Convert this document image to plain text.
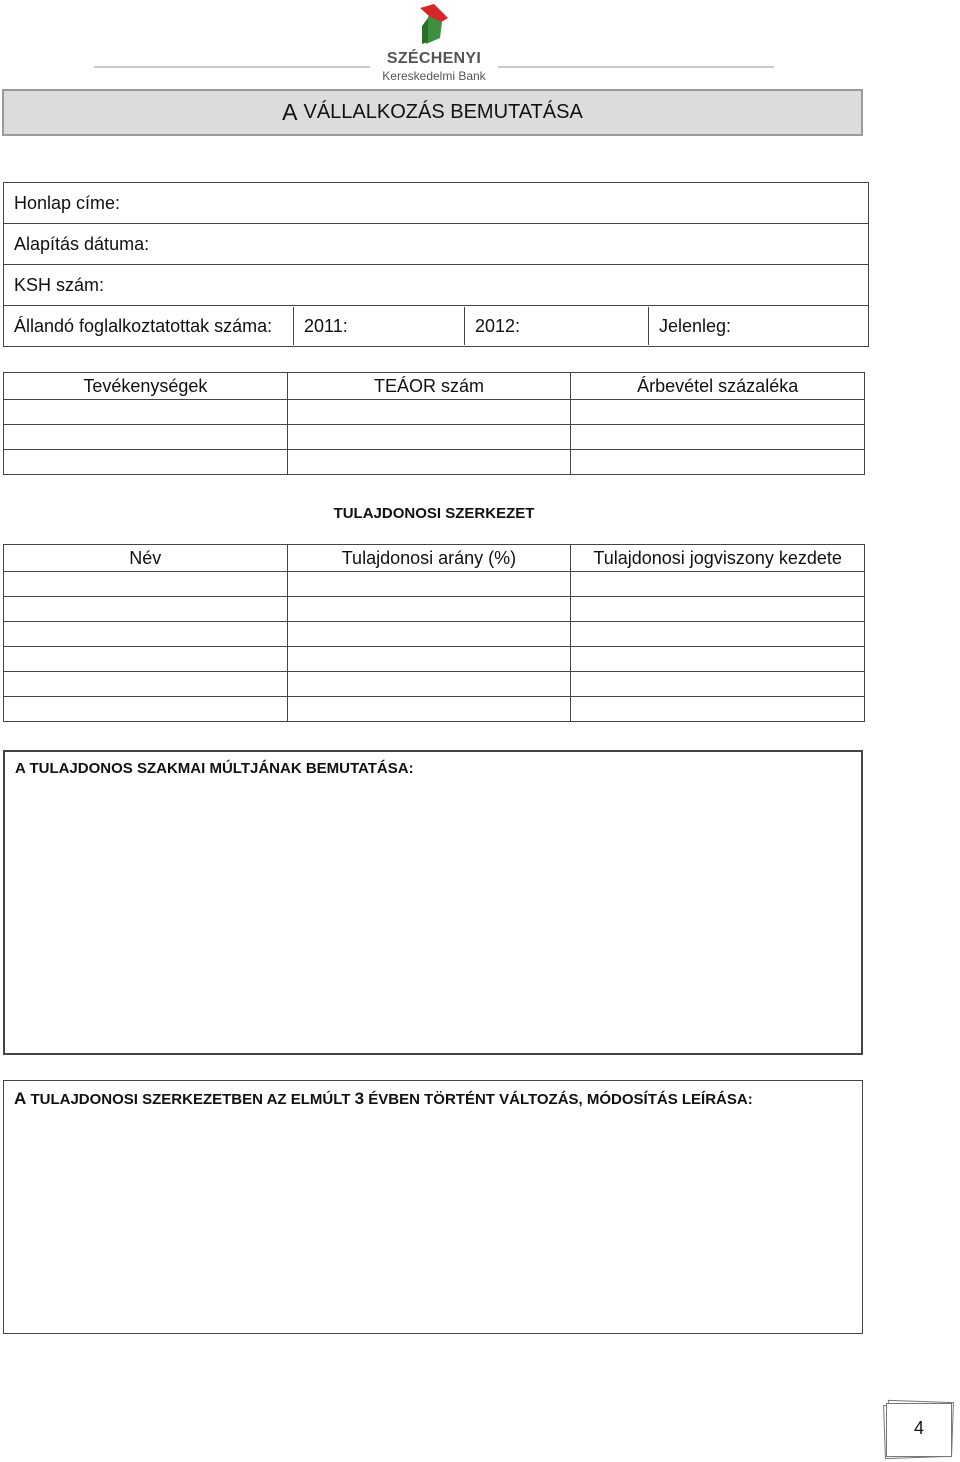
SZÉCHENYI
Kereskedelmi Bank
A VÁLLALKOZÁS BEMUTATÁSA
Honlap címe:
Alapítás dátuma:
KSH szám:

Állandó foglalkoztatottak száma:	2011:	2012:	Jelenleg:
Tevékenységek	TEÁOR szám	Árbevétel százaléka

TULAJDONOSI SZERKEZET
Név	Tulajdonosi arány (%)	Tulajdonosi jogviszony kezdete

A TULAJDONOS SZAKMAI MÚLTJÁNAK BEMUTATÁSA:
A TULAJDONOSI SZERKEZETBEN AZ ELMÚLT 3 ÉVBEN TÖRTÉNT VÁLTOZÁS, MÓDOSÍTÁS LEÍRÁSA:
4
